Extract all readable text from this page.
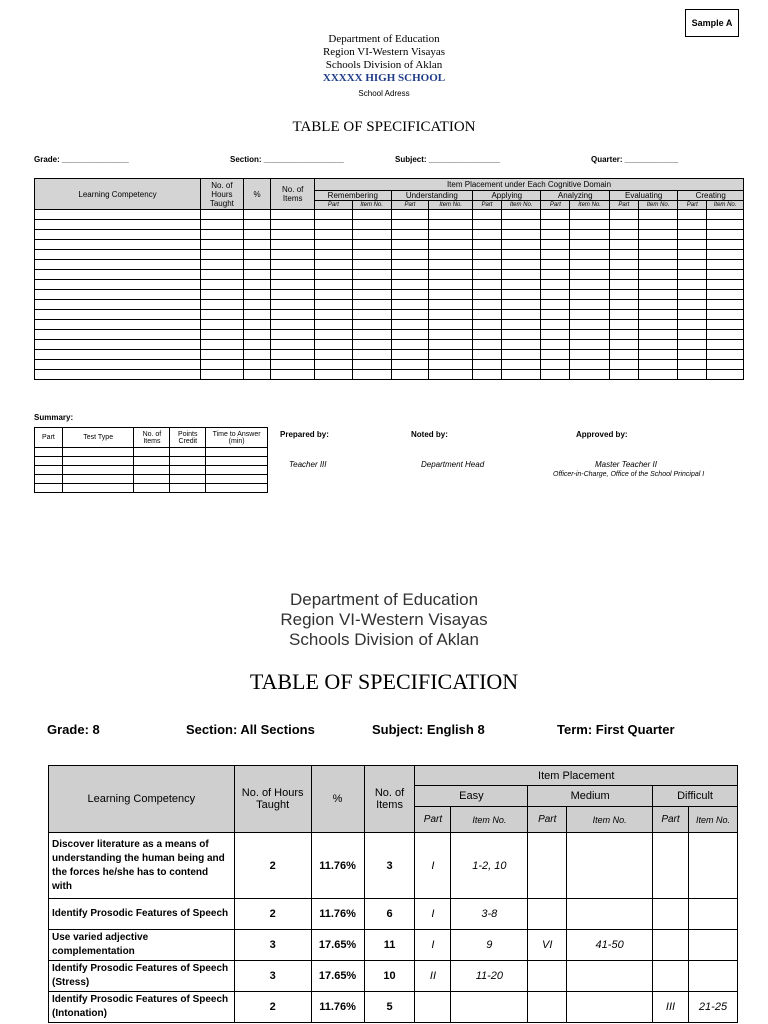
Sample A
Department of Education
Region VI-Western Visayas
Schools Division of Aklan
XXXXX HIGH SCHOOL
School Adress
TABLE OF SPECIFICATION
Grade: _______________	Section: __________________	Subject: ________________	Quarter: ____________
Learning Competency	No. of Hours Taught	%	No. of Items	Item Placement under Each Cognitive Domain											
				Remembering		Understanding		Applying		Analyzing		Evaluating		Creating	
				Part	Item No.	Part	Item No.	Part	Item No.	Part	Item No.	Part	Item No.	Part	Item No.

Summary:
Part	Test Type	No. of Items	Points Credit	Time to Answer (min)

Prepared by:	Noted by:	Approved by:
Teacher III	Department Head	Master Teacher II
Officer-in-Charge, Office of the School Principal I
Department of Education
Region VI-Western Visayas
Schools Division of Aklan
TABLE OF SPECIFICATION
Grade: 8	Section: All Sections	Subject: English 8	Term: First Quarter
Learning Competency	No. of Hours Taught	%	No. of Items	Item Placement					
				Easy		Medium		Difficult	
				Part	Item No.	Part	Item No.	Part	Item No.
Discover literature as a means of understanding the human being and the forces he/she has to contend with	2	11.76%	3	I	1-2, 10				
Identify Prosodic Features of Speech	2	11.76%	6	I	3-8				
Use varied adjective complementation	3	17.65%	11	I	9	VI	41-50		
Identify Prosodic Features of Speech (Stress)	3	17.65%	10	II	11-20				
Identify Prosodic Features of Speech (Intonation)	2	11.76%	5					III	21-25
